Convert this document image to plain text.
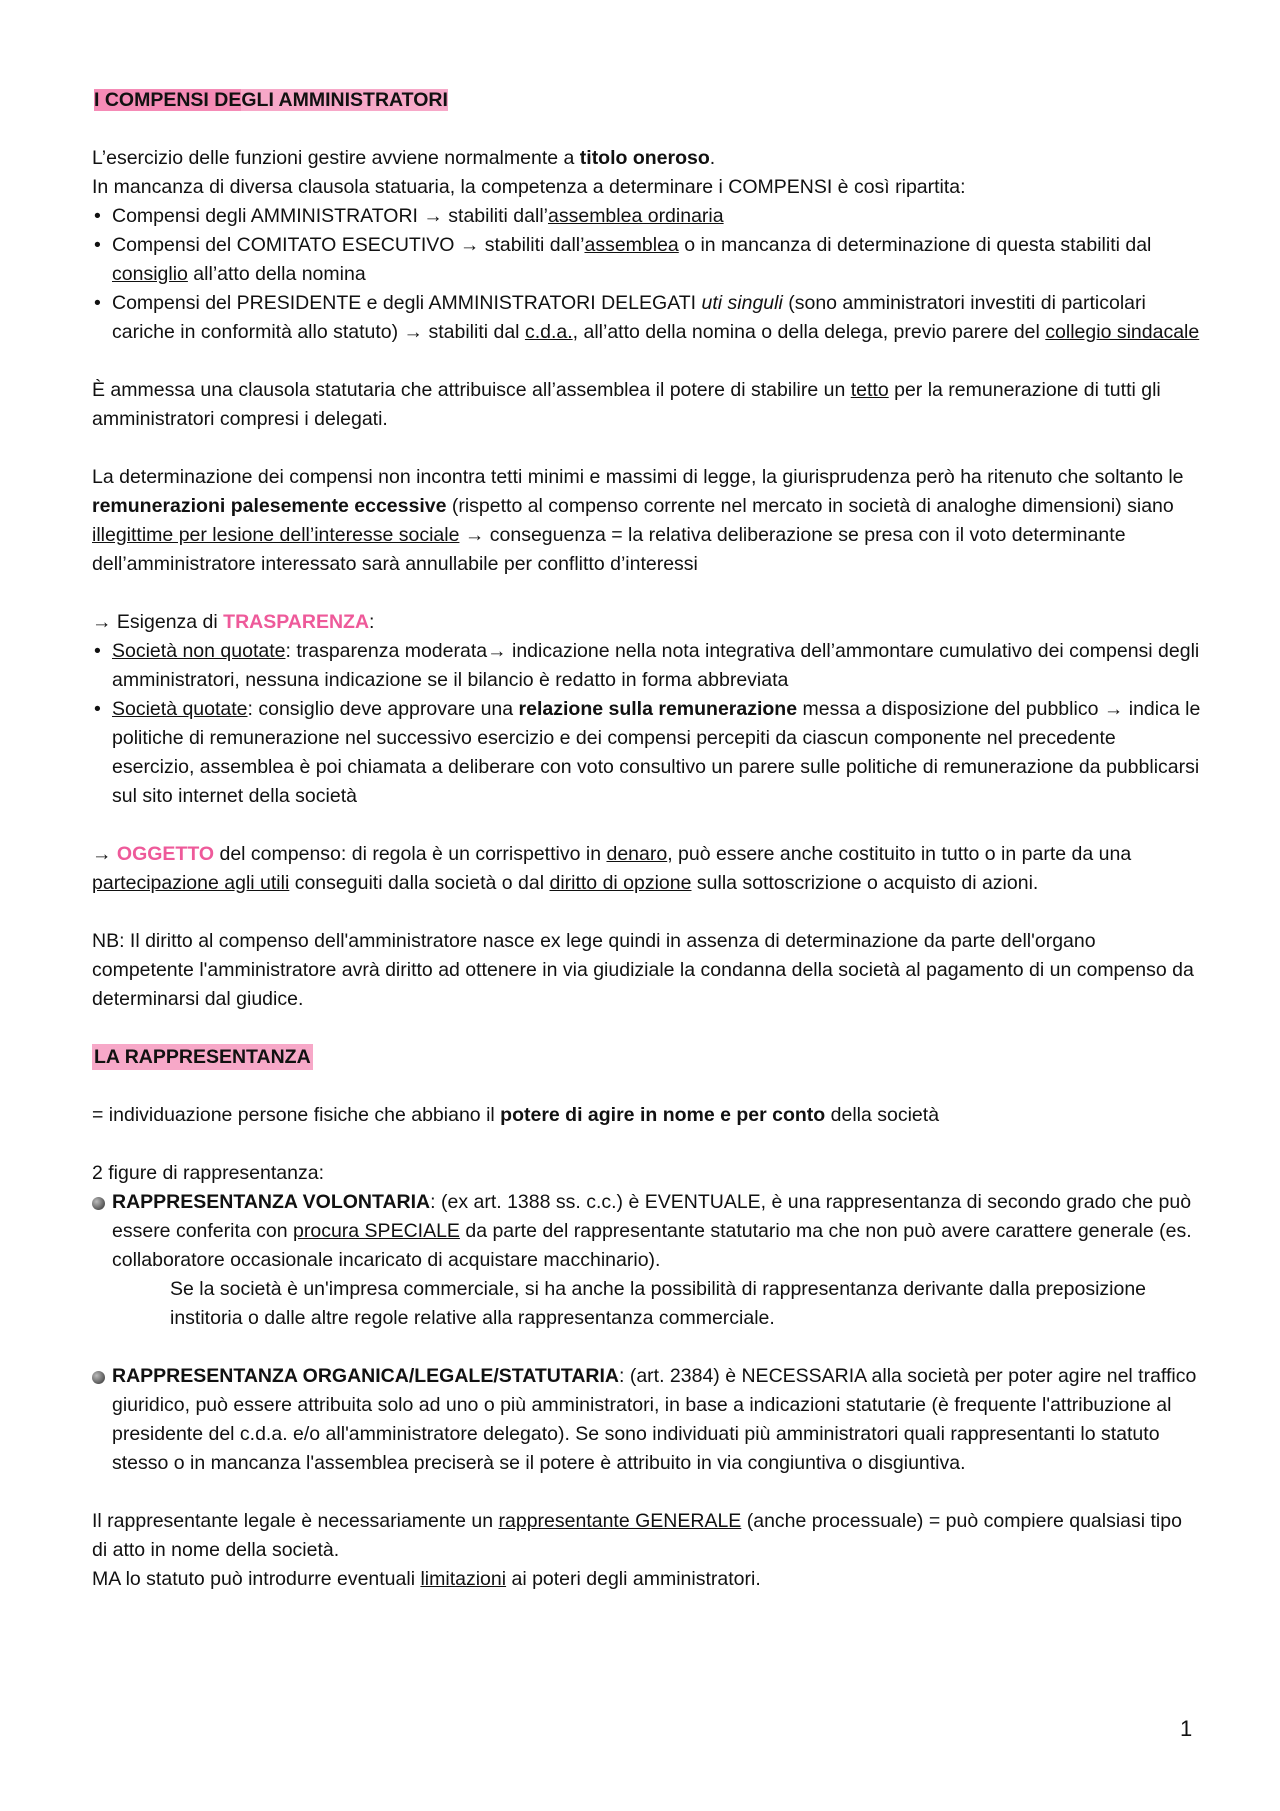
I COMPENSI DEGLI AMMINISTRATORI

L’esercizio delle funzioni gestire avviene normalmente a titolo oneroso.

In mancanza di diversa clausola statuaria, la competenza a determinare i COMPENSI è così ripartita:

• Compensi degli AMMINISTRATORI → stabiliti dall’assemblea ordinaria
• Compensi del COMITATO ESECUTIVO → stabiliti dall’assemblea o in mancanza di determinazione di questa stabiliti dal consiglio all’atto della nomina
• Compensi del PRESIDENTE e degli AMMINISTRATORI DELEGATI uti singuli (sono amministratori investiti di particolari cariche in conformità allo statuto) → stabiliti dal c.d.a., all’atto della nomina o della delega, previo parere del collegio sindacale

È ammessa una clausola statutaria che attribuisce all’assemblea il potere di stabilire un tetto per la remunerazione di tutti gli amministratori compresi i delegati.

La determinazione dei compensi non incontra tetti minimi e massimi di legge, la giurisprudenza però ha ritenuto che soltanto le remunerazioni palesemente eccessive (rispetto al compenso corrente nel mercato in società di analoghe dimensioni) siano illegittime per lesione dell’interesse sociale → conseguenza = la relativa deliberazione se presa con il voto determinante dell’amministratore interessato sarà annullabile per conflitto d’interessi

→ Esigenza di TRASPARENZA:

• Società non quotate: trasparenza moderata→ indicazione nella nota integrativa dell’ammontare cumulativo dei compensi degli amministratori, nessuna indicazione se il bilancio è redatto in forma abbreviata
• Società quotate: consiglio deve approvare una relazione sulla remunerazione messa a disposizione del pubblico → indica le politiche di remunerazione nel successivo esercizio e dei compensi percepiti da ciascun componente nel precedente esercizio, assemblea è poi chiamata a deliberare con voto consultivo un parere sulle politiche di remunerazione da pubblicarsi sul sito internet della società

→ OGGETTO del compenso: di regola è un corrispettivo in denaro, può essere anche costituito in tutto o in parte da una partecipazione agli utili conseguiti dalla società o dal diritto di opzione sulla sottoscrizione o acquisto di azioni.

NB: Il diritto al compenso dell'amministratore nasce ex lege quindi in assenza di determinazione da parte dell'organo competente l'amministratore avrà diritto ad ottenere in via giudiziale la condanna della società al pagamento di un compenso da determinarsi dal giudice.

LA RAPPRESENTANZA

= individuazione persone fisiche che abbiano il potere di agire in nome e per conto della società

2 figure di rappresentanza:

RAPPRESENTANZA VOLONTARIA: (ex art. 1388 ss. c.c.) è EVENTUALE, è una rappresentanza di secondo grado che può essere conferita con procura SPECIALE da parte del rappresentante statutario ma che non può avere carattere generale (es. collaboratore occasionale incaricato di acquistare macchinario).

Se la società è un'impresa commerciale, si ha anche la possibilità di rappresentanza derivante dalla preposizione institoria o dalle altre regole relative alla rappresentanza commerciale.

RAPPRESENTANZA ORGANICA/LEGALE/STATUTARIA: (art. 2384) è NECESSARIA alla società per poter agire nel traffico giuridico, può essere attribuita solo ad uno o più amministratori, in base a indicazioni statutarie (è frequente l'attribuzione al presidente del c.d.a. e/o all'amministratore delegato). Se sono individuati più amministratori quali rappresentanti lo statuto stesso o in mancanza l'assemblea preciserà se il potere è attribuito in via congiuntiva o disgiuntiva.

Il rappresentante legale è necessariamente un rappresentante GENERALE (anche processuale) = può compiere qualsiasi tipo di atto in nome della società.

MA lo statuto può introdurre eventuali limitazioni ai poteri degli amministratori.

1
